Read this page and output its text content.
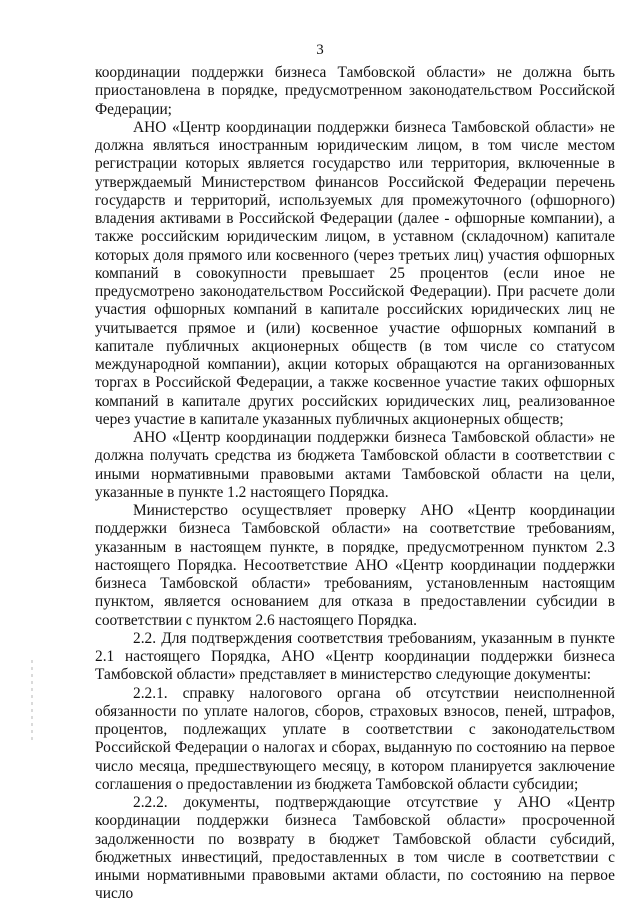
3

координации поддержки бизнеса Тамбовской области» не должна быть приостановлена в порядке, предусмотренном законодательством Российской Федерации;

АНО «Центр координации поддержки бизнеса Тамбовской области» не должна являться иностранным юридическим лицом, в том числе местом регистрации которых является государство или территория, включенные в утверждаемый Министерством финансов Российской Федерации перечень государств и территорий, используемых для промежуточного (офшорного) владения активами в Российской Федерации (далее - офшорные компании), а также российским юридическим лицом, в уставном (складочном) капитале которых доля прямого или косвенного (через третьих лиц) участия офшорных компаний в совокупности превышает 25 процентов (если иное не предусмотрено законодательством Российской Федерации). При расчете доли участия офшорных компаний в капитале российских юридических лиц не учитывается прямое и (или) косвенное участие офшорных компаний в капитале публичных акционерных обществ (в том числе со статусом международной компании), акции которых обращаются на организованных торгах в Российской Федерации, а также косвенное участие таких офшорных компаний в капитале других российских юридических лиц, реализованное через участие в капитале указанных публичных акционерных обществ;

АНО «Центр координации поддержки бизнеса Тамбовской области» не должна получать средства из бюджета Тамбовской области в соответствии с иными нормативными правовыми актами Тамбовской области на цели, указанные в пункте 1.2 настоящего Порядка.

Министерство осуществляет проверку АНО «Центр координации поддержки бизнеса Тамбовской области» на соответствие требованиям, указанным в настоящем пункте, в порядке, предусмотренном пунктом 2.3 настоящего Порядка. Несоответствие АНО «Центр координации поддержки бизнеса Тамбовской области» требованиям, установленным настоящим пунктом, является основанием для отказа в предоставлении субсидии в соответствии с пунктом 2.6 настоящего Порядка.

2.2. Для подтверждения соответствия требованиям, указанным в пункте 2.1 настоящего Порядка, АНО «Центр координации поддержки бизнеса Тамбовской области» представляет в министерство следующие документы:

2.2.1. справку налогового органа об отсутствии неисполненной обязанности по уплате налогов, сборов, страховых взносов, пеней, штрафов, процентов, подлежащих уплате в соответствии с законодательством Российской Федерации о налогах и сборах, выданную по состоянию на первое число месяца, предшествующего месяцу, в котором планируется заключение соглашения о предоставлении из бюджета Тамбовской области субсидии;

2.2.2. документы, подтверждающие отсутствие у АНО «Центр координации поддержки бизнеса Тамбовской области» просроченной задолженности по возврату в бюджет Тамбовской области субсидий, бюджетных инвестиций, предоставленных в том числе в соответствии с иными нормативными правовыми актами области, по состоянию на первое число
